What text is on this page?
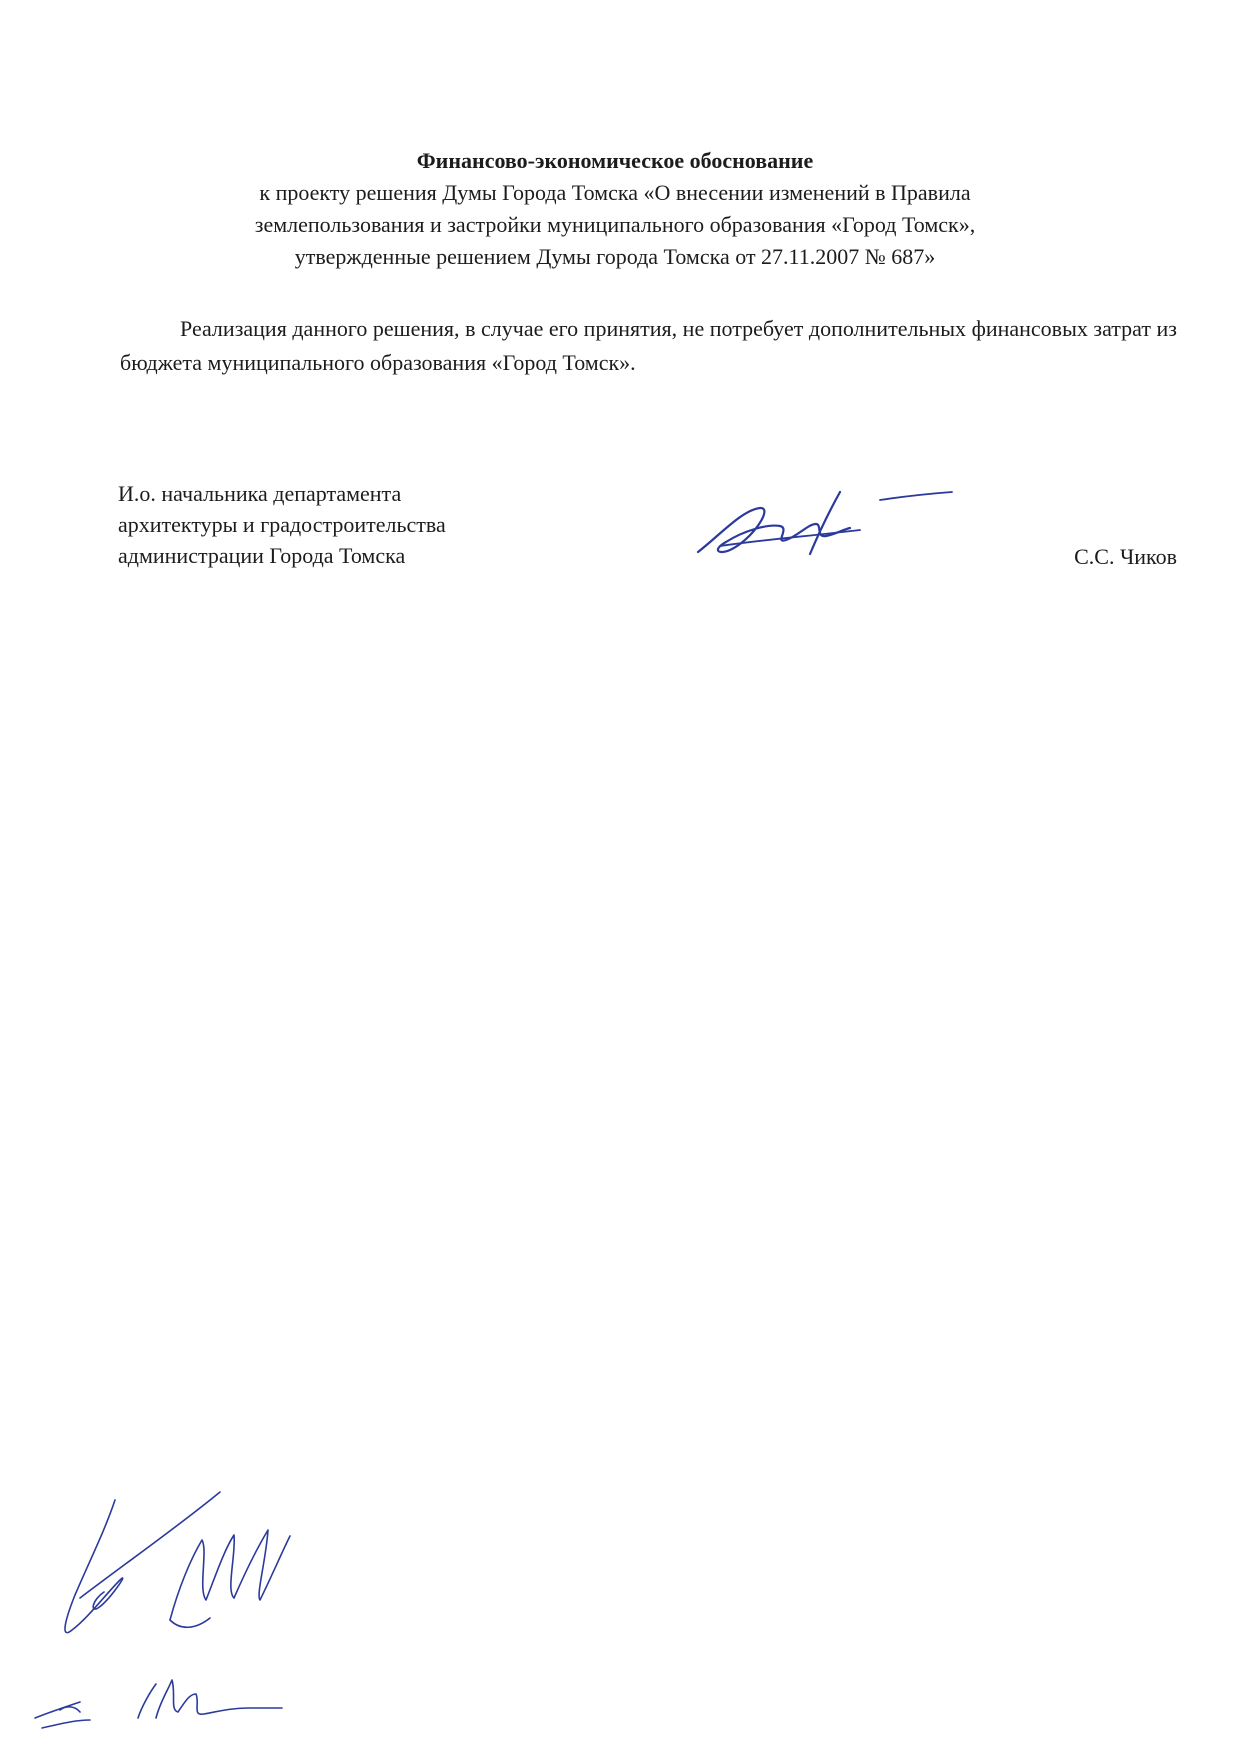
Финансово-экономическое обоснование
к проекту решения Думы Города Томска «О внесении изменений в Правила
землепользования и застройки муниципального образования «Город Томск»,
утвержденные решением Думы города Томска от 27.11.2007 № 687»
Реализация данного решения, в случае его принятия, не потребует дополнительных финансовых затрат из бюджета муниципального образования «Город Томск».
И.о. начальника департамента
архитектуры и градостроительства
администрации Города Томска	С.С. Чиков
